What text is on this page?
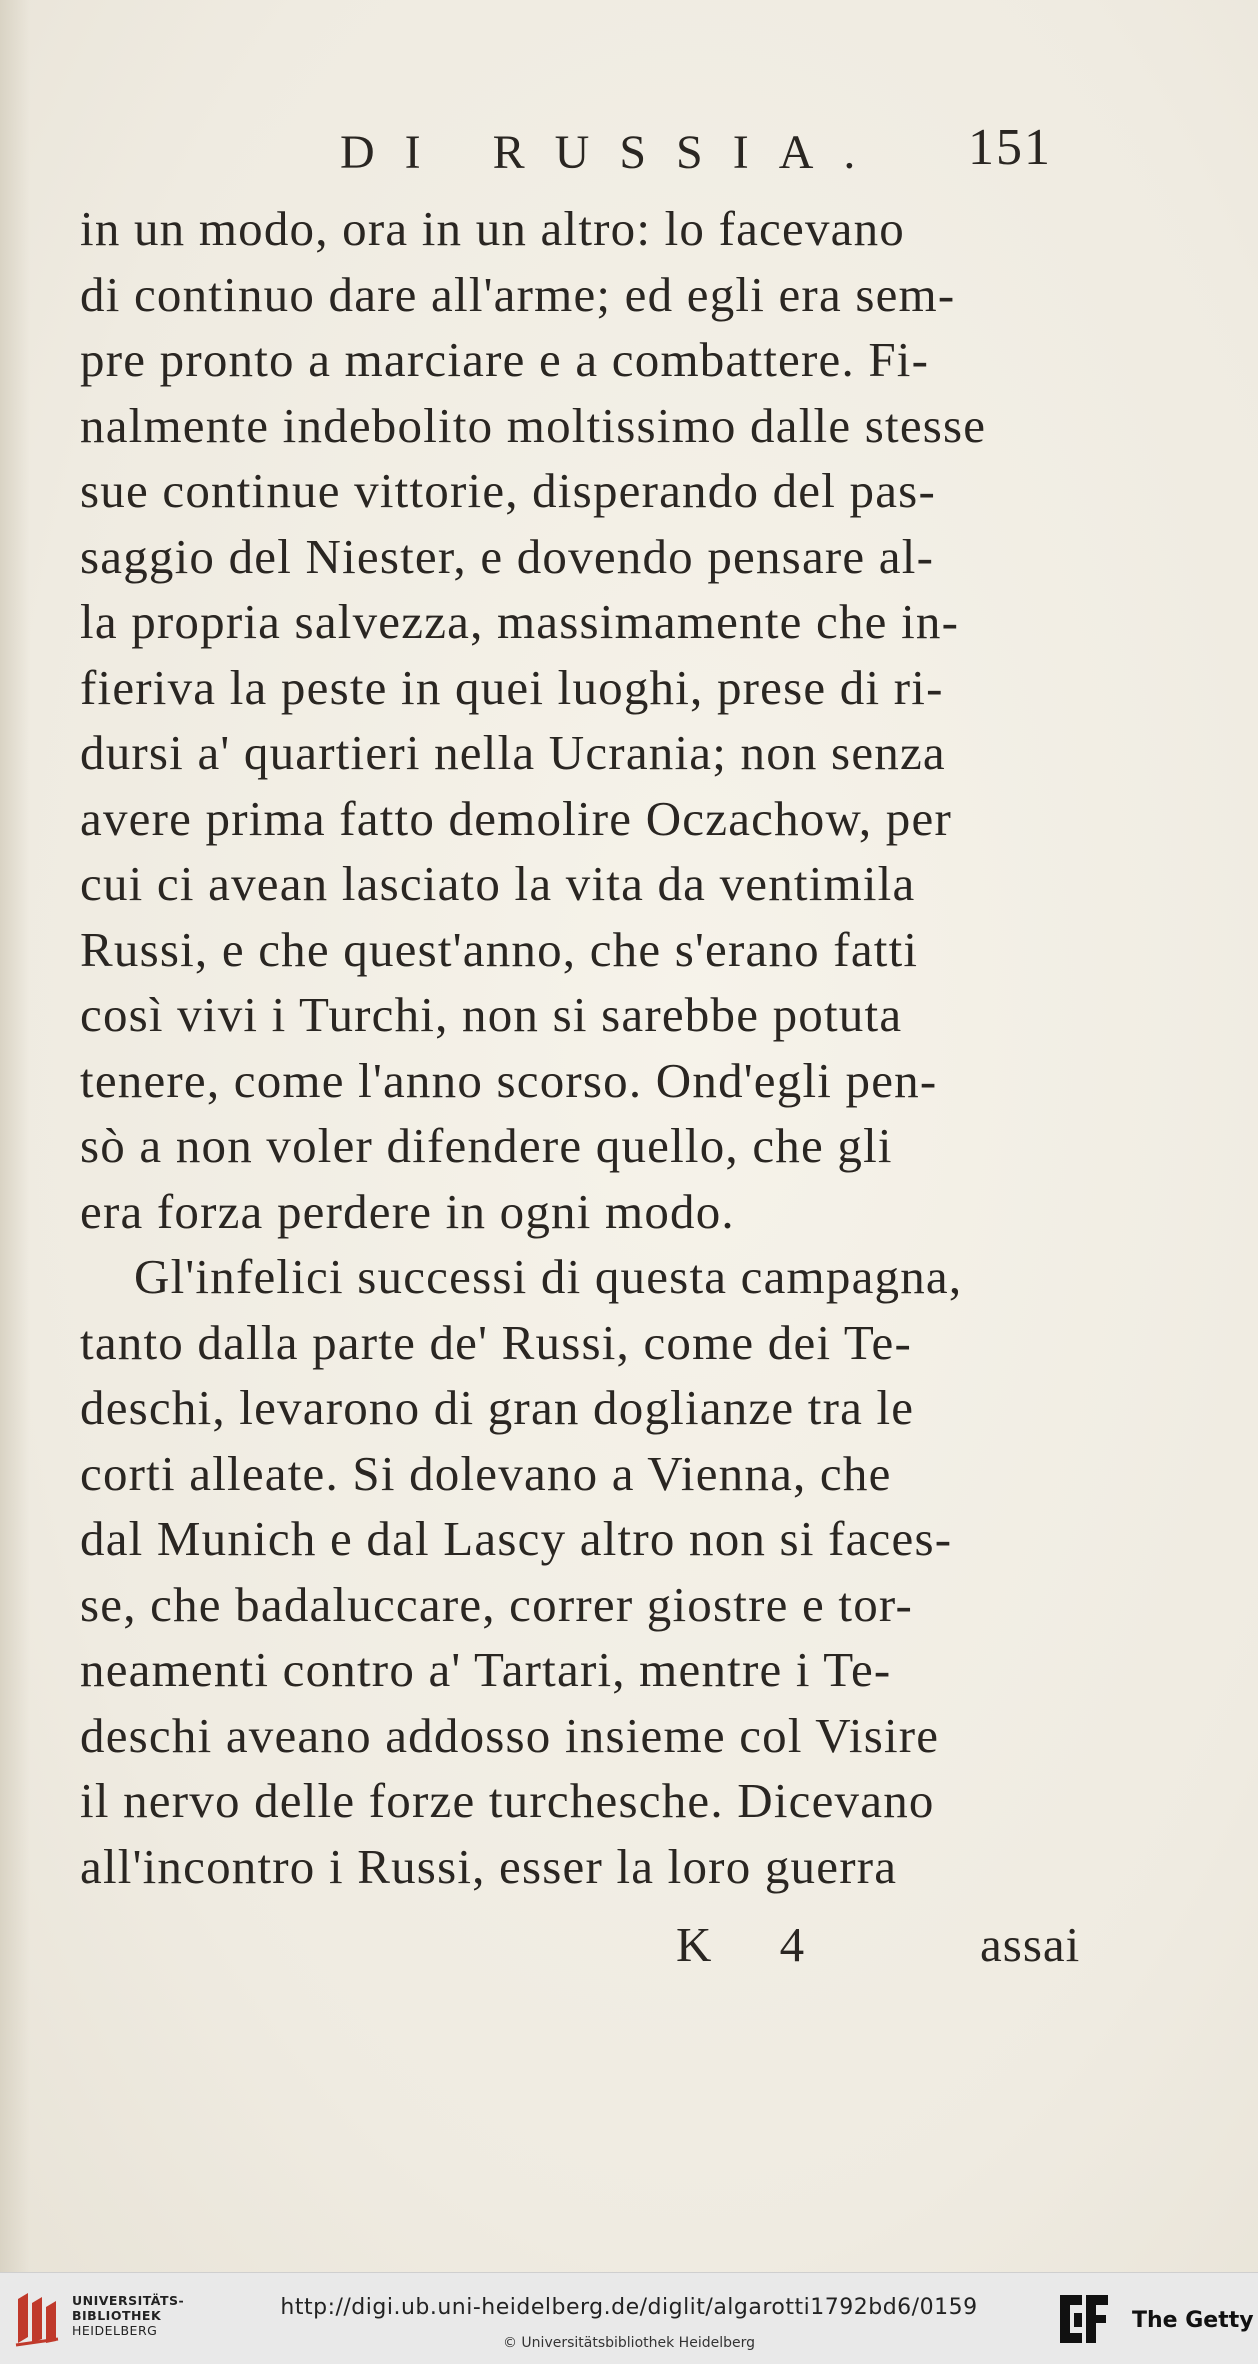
DI RUSSIA. 151
in un modo, ora in un altro: lo facevano
di continuo dare all'arme; ed egli era sem-
pre pronto a marciare e a combattere. Fi-
nalmente indebolito moltissimo dalle stesse
sue continue vittorie, disperando del pas-
saggio del Niester, e dovendo pensare al-
la propria salvezza, massimamente che in-
fieriva la peste in quei luoghi, prese di ri-
dursi a' quartieri nella Ucrania; non senza
avere prima fatto demolire Oczachow, per
cui ci avean lasciato la vita da ventimila
Russi, e che quest'anno, che s'erano fatti
così vivi i Turchi, non si sarebbe potuta
tenere, come l'anno scorso. Ond'egli pen-
sò a non voler difendere quello, che gli
era forza perdere in ogni modo.
Gl'infelici successi di questa campagna,
tanto dalla parte de' Russi, come dei Te-
deschi, levarono di gran doglianze tra le
corti alleate. Si dolevano a Vienna, che
dal Munich e dal Lascy altro non si faces-
se, che badaluccare, correr giostre e tor-
neamenti contro a' Tartari, mentre i Te-
deschi aveano addosso insieme col Visire
il nervo delle forze turchesche. Dicevano
all'incontro i Russi, esser la loro guerra
K 4	assai
UNIVERSITÄTS-
BIBLIOTHEK
HEIDELBERG
http://digi.ub.uni-heidelberg.de/diglit/algarotti1792bd6/0159
© Universitätsbibliothek Heidelberg
The Getty
